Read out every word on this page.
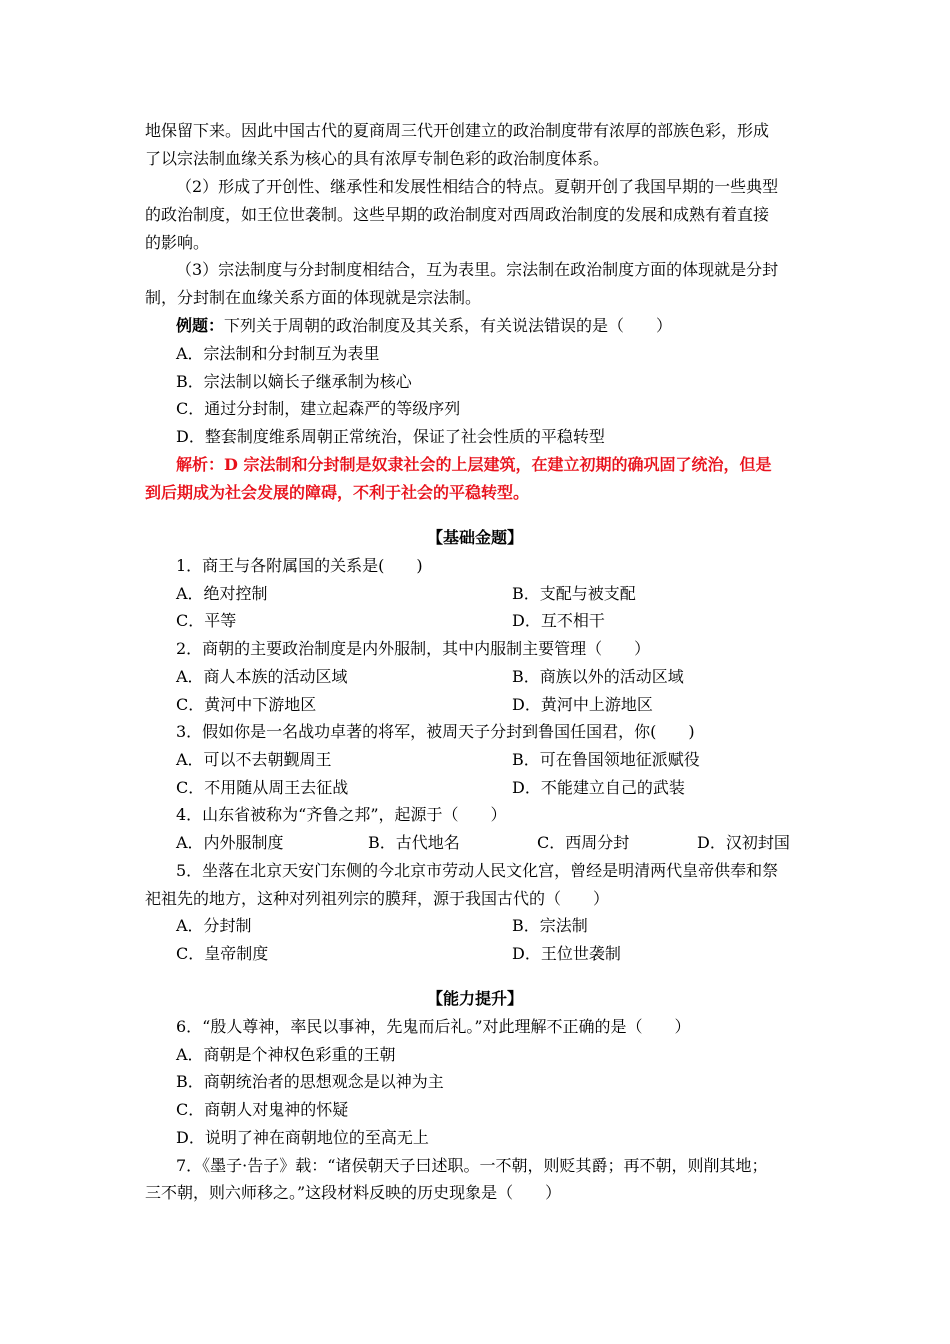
地保留下来。因此中国古代的夏商周三代开创建立的政治制度带有浓厚的部族色彩，形成
了以宗法制血缘关系为核心的具有浓厚专制色彩的政治制度体系。
（2）形成了开创性、继承性和发展性相结合的特点。夏朝开创了我国早期的一些典型
的政治制度，如王位世袭制。这些早期的政治制度对西周政治制度的发展和成熟有着直接
的影响。
（3）宗法制度与分封制度相结合，互为表里。宗法制在政治制度方面的体现就是分封
制，分封制在血缘关系方面的体现就是宗法制。
例题：下列关于周朝的政治制度及其关系，有关说法错误的是（　　）
A．宗法制和分封制互为表里
B．宗法制以嫡长子继承制为核心
C．通过分封制，建立起森严的等级序列
D．整套制度维系周朝正常统治，保证了社会性质的平稳转型
解析：D 宗法制和分封制是奴隶社会的上层建筑，在建立初期的确巩固了统治，但是
到后期成为社会发展的障碍，不利于社会的平稳转型。
【基础金题】
1．商王与各附属国的关系是(　　)
A．绝对控制	B．支配与被支配
C．平等	D．互不相干
2．商朝的主要政治制度是内外服制，其中内服制主要管理（　　）
A．商人本族的活动区域	B．商族以外的活动区域
C．黄河中下游地区	D．黄河中上游地区
3．假如你是一名战功卓著的将军，被周天子分封到鲁国任国君，你(　　)
A．可以不去朝觐周王	B．可在鲁国领地征派赋役
C．不用随从周王去征战	D．不能建立自己的武装
4．山东省被称为“齐鲁之邦”，起源于（　　）
A．内外服制度	B．古代地名	C．西周分封	D．汉初封国
5．坐落在北京天安门东侧的今北京市劳动人民文化宫，曾经是明清两代皇帝供奉和祭
祀祖先的地方，这种对列祖列宗的膜拜，源于我国古代的（　　）
A．分封制	B．宗法制
C．皇帝制度	D．王位世袭制
【能力提升】
6．“殷人尊神，率民以事神，先鬼而后礼。”对此理解不正确的是（　　）
A．商朝是个神权色彩重的王朝
B．商朝统治者的思想观念是以神为主
C．商朝人对鬼神的怀疑
D．说明了神在商朝地位的至高无上
7．《墨子·告子》载：“诸侯朝天子曰述职。一不朝，则贬其爵；再不朝，则削其地；
三不朝，则六师移之。”这段材料反映的历史现象是（　　）
